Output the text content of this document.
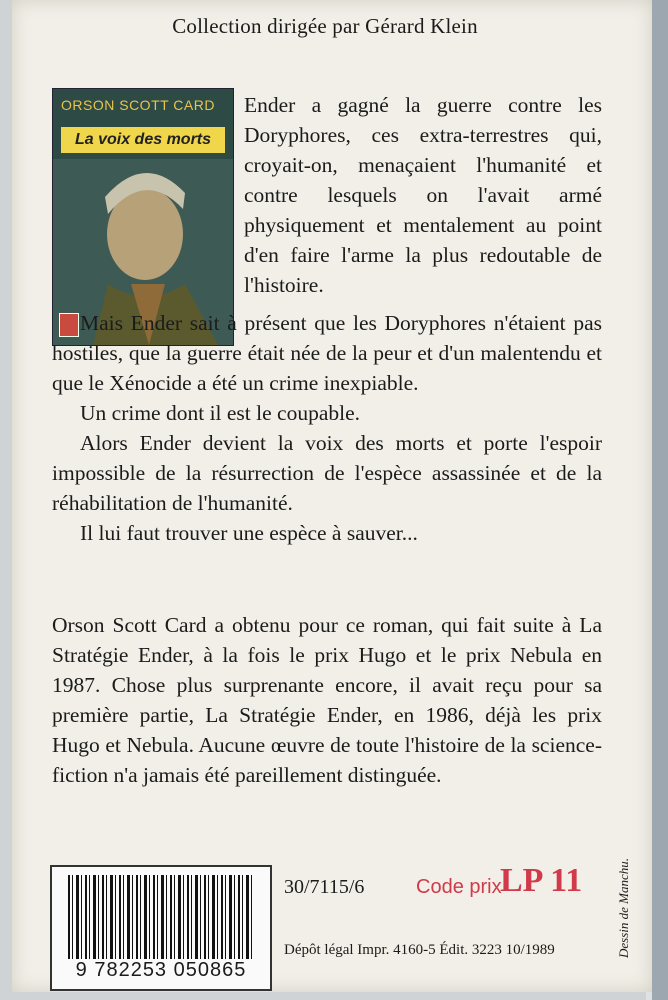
Collection dirigée par Gérard Klein
ORSON SCOTT CARD
La voix des morts
Ender a gagné la guerre contre les Doryphores, ces extra-terrestres qui, croyait-on, menaçaient l'humanité et contre lesquels on l'avait armé physiquement et mentalement au point d'en faire l'arme la plus redoutable de l'histoire.

Mais Ender sait à présent que les Doryphores n'étaient pas hostiles, que la guerre était née de la peur et d'un malentendu et que le Xénocide a été un crime inexpiable.

Un crime dont il est le coupable.

Alors Ender devient la voix des morts et porte l'espoir impossible de la résurrection de l'espèce assassinée et de la réhabilitation de l'humanité.

Il lui faut trouver une espèce à sauver...

Orson Scott Card a obtenu pour ce roman, qui fait suite à La Stratégie Ender, à la fois le prix Hugo et le prix Nebula en 1987. Chose plus surprenante encore, il avait reçu pour sa première partie, La Stratégie Ender, en 1986, déjà les prix Hugo et Nebula. Aucune œuvre de toute l'histoire de la science-fiction n'a jamais été pareillement distinguée.
9 782253 050865
30/7115/6	Code prix
LP 11
Dépôt légal Impr. 4160-5 Édit. 3223 10/1989	Dessin de Manchu.
